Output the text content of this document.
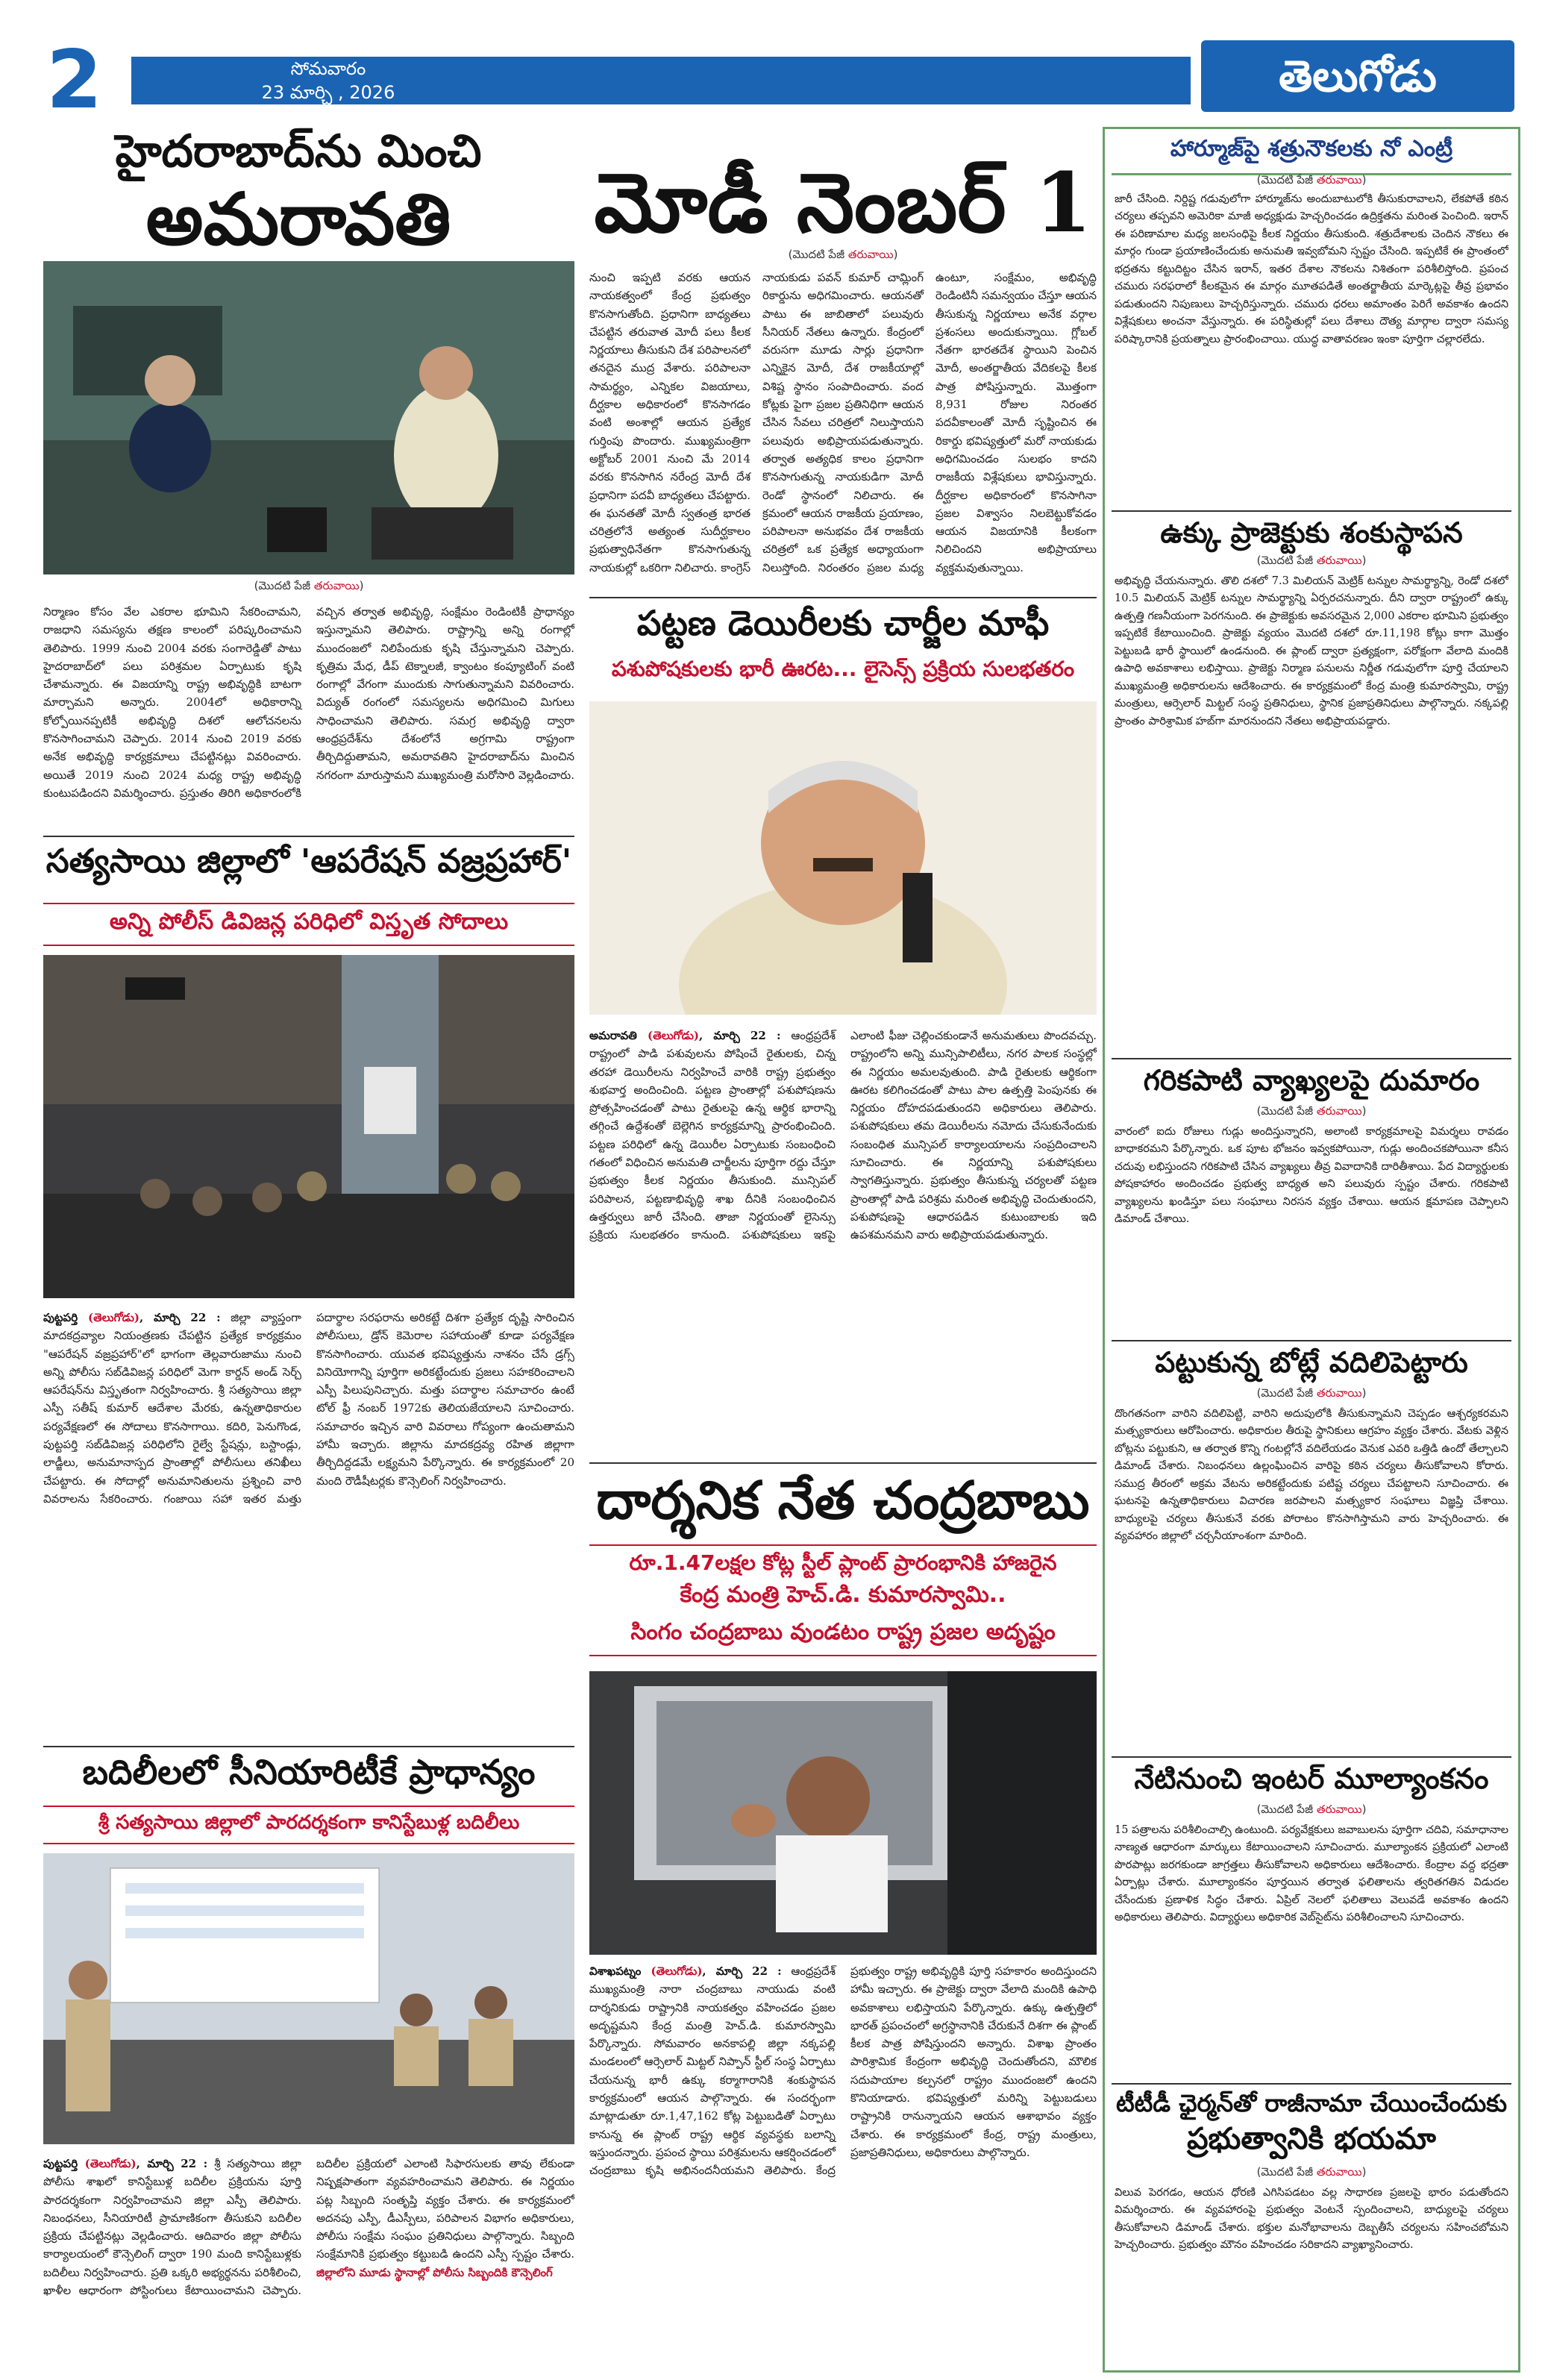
2	సోమవారం
23 మార్చి , 2026	తెలుగోడు
హైదరాబాద్‌ను మించి
అమరావతి
(మొదటి పేజీ తరువాయి)
నిర్మాణం కోసం వేల ఎకరాల భూమిని సేకరించామని, రాజధాని సమస్యను తక్షణ కాలంలో పరిష్కరించామని తెలిపారు. 1999 నుంచి 2004 వరకు సంగారెడ్డితో పాటు హైదరాబాద్‌లో పలు పరిశ్రమల ఏర్పాటుకు కృషి చేశామన్నారు. ఈ విజయాన్ని రాష్ట్ర అభివృద్ధికి బాటగా మార్చామని అన్నారు. 2004లో అధికారాన్ని కోల్పోయినప్పటికీ అభివృద్ధి దిశలో ఆలోచనలను కొనసాగించామని చెప్పారు. 2014 నుంచి 2019 వరకు అనేక అభివృద్ధి కార్యక్రమాలు చేపట్టినట్లు వివరించారు. అయితే 2019 నుంచి 2024 మధ్య రాష్ట్ర అభివృద్ధి కుంటుపడిందని విమర్శించారు. ప్రస్తుతం తిరిగి అధికారంలోకి వచ్చిన తర్వాత అభివృద్ధి, సంక్షేమం రెండింటికీ ప్రాధాన్యం ఇస్తున్నామని తెలిపారు. రాష్ట్రాన్ని అన్ని రంగాల్లో ముందంజలో నిలిపేందుకు కృషి చేస్తున్నామని చెప్పారు. కృత్రిమ మేధ, డీప్ టెక్నాలజీ, క్వాంటం కంప్యూటింగ్ వంటి రంగాల్లో వేగంగా ముందుకు సాగుతున్నామని వివరించారు. విద్యుత్ రంగంలో సమస్యలను అధిగమించి మిగులు సాధించామని తెలిపారు. సమగ్ర అభివృద్ధి ద్వారా ఆంధ్రప్రదేశ్‌ను దేశంలోనే అగ్రగామి రాష్ట్రంగా తీర్చిదిద్దుతామని, అమరావతిని హైదరాబాద్‌ను మించిన నగరంగా మారుస్తామని ముఖ్యమంత్రి మరోసారి వెల్లడించారు.
మోడీ నెంబర్ 1
(మొదటి పేజీ తరువాయి)
నుంచి ఇప్పటి వరకు ఆయన నాయకత్వంలో కేంద్ర ప్రభుత్వం కొనసాగుతోంది. ప్రధానిగా బాధ్యతలు చేపట్టిన తరువాత మోదీ పలు కీలక నిర్ణయాలు తీసుకుని దేశ పరిపాలనలో తనదైన ముద్ర వేశారు. పరిపాలనా సామర్థ్యం, ఎన్నికల విజయాలు, దీర్ఘకాల అధికారంలో కొనసాగడం వంటి అంశాల్లో ఆయన ప్రత్యేక గుర్తింపు పొందారు. ముఖ్యమంత్రిగా అక్టోబర్ 2001 నుంచి మే 2014 వరకు కొనసాగిన నరేంద్ర మోదీ దేశ ప్రధానిగా పదవీ బాధ్యతలు చేపట్టారు. ఈ ఘనతతో మోదీ స్వతంత్ర భారత చరిత్రలోనే అత్యంత సుదీర్ఘకాలం ప్రభుత్వాధినేతగా కొనసాగుతున్న నాయకుల్లో ఒకరిగా నిలిచారు. కాంగ్రెస్ నాయకుడు పవన్ కుమార్ చామ్లింగ్ రికార్డును అధిగమించారు. ఆయనతో పాటు ఈ జాబితాలో పలువురు సీనియర్ నేతలు ఉన్నారు. కేంద్రంలో వరుసగా మూడు సార్లు ప్రధానిగా ఎన్నికైన మోదీ, దేశ రాజకీయాల్లో విశిష్ట స్థానం సంపాదించారు. వంద కోట్లకు పైగా ప్రజల ప్రతినిధిగా ఆయన చేసిన సేవలు చరిత్రలో నిలుస్తాయని పలువురు అభిప్రాయపడుతున్నారు. తర్వాత అత్యధిక కాలం ప్రధానిగా కొనసాగుతున్న నాయకుడిగా మోదీ రెండో స్థానంలో నిలిచారు. ఈ క్రమంలో ఆయన రాజకీయ ప్రయాణం, పరిపాలనా అనుభవం దేశ రాజకీయ చరిత్రలో ఒక ప్రత్యేక అధ్యాయంగా నిలుస్తోంది. నిరంతరం ప్రజల మధ్య ఉంటూ, సంక్షేమం, అభివృద్ధి రెండింటినీ సమన్వయం చేస్తూ ఆయన తీసుకున్న నిర్ణయాలు అనేక వర్గాల ప్రశంసలు అందుకున్నాయి. గ్లోబల్ నేతగా భారతదేశ స్థాయిని పెంచిన మోదీ, అంతర్జాతీయ వేదికలపై కీలక పాత్ర పోషిస్తున్నారు. మొత్తంగా 8,931 రోజుల నిరంతర పదవీకాలంతో మోదీ సృష్టించిన ఈ రికార్డు భవిష్యత్తులో మరో నాయకుడు అధిగమించడం సులభం కాదని రాజకీయ విశ్లేషకులు భావిస్తున్నారు. దీర్ఘకాల అధికారంలో కొనసాగినా ప్రజల విశ్వాసం నిలబెట్టుకోవడం ఆయన విజయానికి కీలకంగా నిలిచిందని అభిప్రాయాలు వ్యక్తమవుతున్నాయి.
పట్టణ డెయిరీలకు చార్జీల మాఫీ
పశుపోషకులకు భారీ ఊరట... లైసెన్స్ ప్రక్రియ సులభతరం
అమరావతి (తెలుగోడు), మార్చి 22 : ఆంధ్రప్రదేశ్ రాష్ట్రంలో పాడి పశువులను పోషించే రైతులకు, చిన్న తరహా డెయిరీలను నిర్వహించే వారికి రాష్ట్ర ప్రభుత్వం శుభవార్త అందించింది. పట్టణ ప్రాంతాల్లో పశుపోషణను ప్రోత్సహించడంతో పాటు రైతులపై ఉన్న ఆర్థిక భారాన్ని తగ్గించే ఉద్దేశంతో బెల్లెగిన కార్యక్రమాన్ని ప్రారంభించింది. పట్టణ పరిధిలో ఉన్న డెయిరీల ఏర్పాటుకు సంబంధించి గతంలో విధించిన అనుమతి చార్జీలను పూర్తిగా రద్దు చేస్తూ ప్రభుత్వం కీలక నిర్ణయం తీసుకుంది. మున్సిపల్ పరిపాలన, పట్టణాభివృద్ధి శాఖ దీనికి సంబంధించిన ఉత్తర్వులు జారీ చేసింది. తాజా నిర్ణయంతో లైసెన్సు ప్రక్రియ సులభతరం కానుంది. పశుపోషకులు ఇకపై ఎలాంటి ఫీజు చెల్లించకుండానే అనుమతులు పొందవచ్చు. రాష్ట్రంలోని అన్ని మున్సిపాలిటీలు, నగర పాలక సంస్థల్లో ఈ నిర్ణయం అమలవుతుంది. పాడి రైతులకు ఆర్థికంగా ఊరట కలిగించడంతో పాటు పాల ఉత్పత్తి పెంపునకు ఈ నిర్ణయం దోహదపడుతుందని అధికారులు తెలిపారు. పశుపోషకులు తమ డెయిరీలను నమోదు చేసుకునేందుకు సంబంధిత మున్సిపల్ కార్యాలయాలను సంప్రదించాలని సూచించారు. ఈ నిర్ణయాన్ని పశుపోషకులు స్వాగతిస్తున్నారు. ప్రభుత్వం తీసుకున్న చర్యలతో పట్టణ ప్రాంతాల్లో పాడి పరిశ్రమ మరింత అభివృద్ధి చెందుతుందని, పశుపోషణపై ఆధారపడిన కుటుంబాలకు ఇది ఉపశమనమని వారు అభిప్రాయపడుతున్నారు.
సత్యసాయి జిల్లాలో 'ఆపరేషన్ వజ్రప్రహార్'
అన్ని పోలీస్ డివిజన్ల పరిధిలో విస్తృత సోదాలు
పుట్టపర్తి (తెలుగోడు), మార్చి 22 : జిల్లా వ్యాప్తంగా మాదకద్రవ్యాల నియంత్రణకు చేపట్టిన ప్రత్యేక కార్యక్రమం "ఆపరేషన్ వజ్రప్రహార్"లో భాగంగా తెల్లవారుజాము నుంచి అన్ని పోలీసు సబ్‌డివిజన్ల పరిధిలో మెగా కార్డన్ అండ్ సెర్చ్ ఆపరేషన్‌ను విస్తృతంగా నిర్వహించారు. శ్రీ సత్యసాయి జిల్లా ఎస్పీ సతీష్ కుమార్ ఆదేశాల మేరకు, ఉన్నతాధికారుల పర్యవేక్షణలో ఈ సోదాలు కొనసాగాయి. కదిరి, పెనుగొండ, పుట్టపర్తి సబ్‌డివిజన్ల పరిధిలోని రైల్వే స్టేషన్లు, బస్టాండ్లు, లాడ్జీలు, అనుమానాస్పద ప్రాంతాల్లో పోలీసులు తనిఖీలు చేపట్టారు. ఈ సోదాల్లో అనుమానితులను ప్రశ్నించి వారి వివరాలను సేకరించారు. గంజాయి సహా ఇతర మత్తు పదార్థాల సరఫరాను అరికట్టే దిశగా ప్రత్యేక దృష్టి సారించిన పోలీసులు, డ్రోన్ కెమెరాల సహాయంతో కూడా పర్యవేక్షణ కొనసాగించారు. యువత భవిష్యత్తును నాశనం చేసే డ్రగ్స్ వినియోగాన్ని పూర్తిగా అరికట్టేందుకు ప్రజలు సహకరించాలని ఎస్పీ పిలుపునిచ్చారు. మత్తు పదార్థాల సమాచారం ఉంటే టోల్ ఫ్రీ నంబర్ 1972కు తెలియజేయాలని సూచించారు. సమాచారం ఇచ్చిన వారి వివరాలు గోప్యంగా ఉంచుతామని హామీ ఇచ్చారు. జిల్లాను మాదకద్రవ్య రహిత జిల్లాగా తీర్చిదిద్దడమే లక్ష్యమని పేర్కొన్నారు. ఈ కార్యక్రమంలో 20 మంది రౌడీషీటర్లకు కౌన్సెలింగ్ నిర్వహించారు.
బదిలీలలో సీనియారిటీకే ప్రాధాన్యం
శ్రీ సత్యసాయి జిల్లాలో పారదర్శకంగా కానిస్టేబుళ్ల బదిలీలు
పుట్టపర్తి (తెలుగోడు), మార్చి 22 : శ్రీ సత్యసాయి జిల్లా పోలీసు శాఖలో కానిస్టేబుళ్ల బదిలీల ప్రక్రియను పూర్తి పారదర్శకంగా నిర్వహించామని జిల్లా ఎస్పీ తెలిపారు. నిబంధనలు, సీనియారిటీ ప్రామాణికంగా తీసుకుని బదిలీల ప్రక్రియ చేపట్టినట్లు వెల్లడించారు. ఆదివారం జిల్లా పోలీసు కార్యాలయంలో కౌన్సెలింగ్ ద్వారా 190 మంది కానిస్టేబుళ్లకు బదిలీలు నిర్వహించారు. ప్రతి ఒక్కరి అభ్యర్థనను పరిశీలించి, ఖాళీల ఆధారంగా పోస్టింగులు కేటాయించామని చెప్పారు. బదిలీల ప్రక్రియలో ఎలాంటి సిఫారసులకు తావు లేకుండా నిష్పక్షపాతంగా వ్యవహరించామని తెలిపారు. ఈ నిర్ణయం పట్ల సిబ్బంది సంతృప్తి వ్యక్తం చేశారు. ఈ కార్యక్రమంలో అదనపు ఎస్పీ, డీఎస్పీలు, పరిపాలన విభాగం అధికారులు, పోలీసు సంక్షేమ సంఘం ప్రతినిధులు పాల్గొన్నారు. సిబ్బంది సంక్షేమానికి ప్రభుత్వం కట్టుబడి ఉందని ఎస్పీ స్పష్టం చేశారు. జిల్లాలోని మూడు స్థానాల్లో పోలీసు సిబ్బందికి కౌన్సెలింగ్
దార్శనిక నేత చంద్రబాబు
రూ.1.47లక్షల కోట్ల స్టీల్ ప్లాంట్ ప్రారంభానికి హాజరైన
కేంద్ర మంత్రి హెచ్.డి. కుమారస్వామి..
సింగం చంద్రబాబు వుండటం రాష్ట్ర ప్రజల అదృష్టం
విశాఖపట్నం (తెలుగోడు), మార్చి 22 : ఆంధ్రప్రదేశ్ ముఖ్యమంత్రి నారా చంద్రబాబు నాయుడు వంటి దార్శనికుడు రాష్ట్రానికి నాయకత్వం వహించడం ప్రజల అదృష్టమని కేంద్ర మంత్రి హెచ్.డి. కుమారస్వామి పేర్కొన్నారు. సోమవారం అనకాపల్లి జిల్లా నక్కపల్లి మండలంలో ఆర్సెలార్ మిట్టల్ నిప్పాన్ స్టీల్ సంస్థ ఏర్పాటు చేయనున్న భారీ ఉక్కు కర్మాగారానికి శంకుస్థాపన కార్యక్రమంలో ఆయన పాల్గొన్నారు. ఈ సందర్భంగా మాట్లాడుతూ రూ.1,47,162 కోట్ల పెట్టుబడితో ఏర్పాటు కానున్న ఈ ప్లాంట్ రాష్ట్ర ఆర్థిక వ్యవస్థకు బలాన్ని ఇస్తుందన్నారు. ప్రపంచ స్థాయి పరిశ్రమలను ఆకర్షించడంలో చంద్రబాబు కృషి అభినందనీయమని తెలిపారు. కేంద్ర ప్రభుత్వం రాష్ట్ర అభివృద్ధికి పూర్తి సహకారం అందిస్తుందని హామీ ఇచ్చారు. ఈ ప్రాజెక్టు ద్వారా వేలాది మందికి ఉపాధి అవకాశాలు లభిస్తాయని పేర్కొన్నారు. ఉక్కు ఉత్పత్తిలో భారత్ ప్రపంచంలో అగ్రస్థానానికి చేరుకునే దిశగా ఈ ప్లాంట్ కీలక పాత్ర పోషిస్తుందని అన్నారు. విశాఖ ప్రాంతం పారిశ్రామిక కేంద్రంగా అభివృద్ధి చెందుతోందని, మౌలిక సదుపాయాల కల్పనలో రాష్ట్రం ముందంజలో ఉందని కొనియాడారు. భవిష్యత్తులో మరిన్ని పెట్టుబడులు రాష్ట్రానికి రానున్నాయని ఆయన ఆశాభావం వ్యక్తం చేశారు. ఈ కార్యక్రమంలో కేంద్ర, రాష్ట్ర మంత్రులు, ప్రజాప్రతినిధులు, అధికారులు పాల్గొన్నారు.
హార్మూజ్‌పై శత్రునౌకలకు నో ఎంట్రీ
(మొదటి పేజీ తరువాయి)
జారీ చేసింది. నిర్దిష్ట గడువులోగా హార్మూజ్‌ను అందుబాటులోకి తీసుకురావాలని, లేకపోతే కఠిన చర్యలు తప్పవని అమెరికా మాజీ అధ్యక్షుడు హెచ్చరించడం ఉద్రిక్తతను మరింత పెంచింది. ఇరాన్ ఈ పరిణామాల మధ్య జలసంధిపై కీలక నిర్ణయం తీసుకుంది. శత్రుదేశాలకు చెందిన నౌకలు ఈ మార్గం గుండా ప్రయాణించేందుకు అనుమతి ఇవ్వబోమని స్పష్టం చేసింది. ఇప్పటికే ఈ ప్రాంతంలో భద్రతను కట్టుదిట్టం చేసిన ఇరాన్, ఇతర దేశాల నౌకలను నిశితంగా పరిశీలిస్తోంది. ప్రపంచ చమురు సరఫరాలో కీలకమైన ఈ మార్గం మూతపడితే అంతర్జాతీయ మార్కెట్లపై తీవ్ర ప్రభావం పడుతుందని నిపుణులు హెచ్చరిస్తున్నారు. చమురు ధరలు అమాంతం పెరిగే అవకాశం ఉందని విశ్లేషకులు అంచనా వేస్తున్నారు. ఈ పరిస్థితుల్లో పలు దేశాలు దౌత్య మార్గాల ద్వారా సమస్య పరిష్కారానికి ప్రయత్నాలు ప్రారంభించాయి. యుద్ధ వాతావరణం ఇంకా పూర్తిగా చల్లారలేదు.
ఉక్కు ప్రాజెక్టుకు శంకుస్థాపన
(మొదటి పేజీ తరువాయి)
అభివృద్ధి చేయనున్నారు. తొలి దశలో 7.3 మిలియన్ మెట్రిక్ టన్నుల సామర్థ్యాన్ని, రెండో దశలో 10.5 మిలియన్ మెట్రిక్ టన్నుల సామర్థ్యాన్ని ఏర్పరచనున్నారు. దీని ద్వారా రాష్ట్రంలో ఉక్కు ఉత్పత్తి గణనీయంగా పెరగనుంది. ఈ ప్రాజెక్టుకు అవసరమైన 2,000 ఎకరాల భూమిని ప్రభుత్వం ఇప్పటికే కేటాయించింది. ప్రాజెక్టు వ్యయం మొదటి దశలో రూ.11,198 కోట్లు కాగా మొత్తం పెట్టుబడి భారీ స్థాయిలో ఉండనుంది. ఈ ప్లాంట్ ద్వారా ప్రత్యక్షంగా, పరోక్షంగా వేలాది మందికి ఉపాధి అవకాశాలు లభిస్తాయి. ప్రాజెక్టు నిర్మాణ పనులను నిర్ణీత గడువులోగా పూర్తి చేయాలని ముఖ్యమంత్రి అధికారులను ఆదేశించారు. ఈ కార్యక్రమంలో కేంద్ర మంత్రి కుమారస్వామి, రాష్ట్ర మంత్రులు, ఆర్సెలార్ మిట్టల్ సంస్థ ప్రతినిధులు, స్థానిక ప్రజాప్రతినిధులు పాల్గొన్నారు. నక్కపల్లి ప్రాంతం పారిశ్రామిక హబ్‌గా మారనుందని నేతలు అభిప్రాయపడ్డారు.
గరికపాటి వ్యాఖ్యలపై దుమారం
(మొదటి పేజీ తరువాయి)
వారంలో ఐదు రోజులు గుడ్లు అందిస్తున్నారని, అలాంటి కార్యక్రమాలపై విమర్శలు రావడం బాధాకరమని పేర్కొన్నారు. ఒక పూట భోజనం ఇవ్వకపోయినా, గుడ్లు అందించకపోయినా కనీస చదువు లభిస్తుందని గరికపాటి చేసిన వ్యాఖ్యలు తీవ్ర వివాదానికి దారితీశాయి. పేద విద్యార్థులకు పోషకాహారం అందించడం ప్రభుత్వ బాధ్యత అని పలువురు స్పష్టం చేశారు. గరికపాటి వ్యాఖ్యలను ఖండిస్తూ పలు సంఘాలు నిరసన వ్యక్తం చేశాయి. ఆయన క్షమాపణ చెప్పాలని డిమాండ్ చేశాయి.
పట్టుకున్న బోట్లే వదిలిపెట్టారు
(మొదటి పేజీ తరువాయి)
దొంగతనంగా వారిని వదిలిపెట్టి, వారిని అదుపులోకి తీసుకున్నామని చెప్పడం ఆశ్చర్యకరమని మత్స్యకారులు ఆరోపించారు. అధికారుల తీరుపై స్థానికులు ఆగ్రహం వ్యక్తం చేశారు. వేటకు వెళ్లిన బోట్లను పట్టుకుని, ఆ తర్వాత కొన్ని గంటల్లోనే వదిలేయడం వెనుక ఎవరి ఒత్తిడి ఉందో తేల్చాలని డిమాండ్ చేశారు. నిబంధనలు ఉల్లంఘించిన వారిపై కఠిన చర్యలు తీసుకోవాలని కోరారు. సముద్ర తీరంలో అక్రమ వేటను అరికట్టేందుకు పటిష్ట చర్యలు చేపట్టాలని సూచించారు. ఈ ఘటనపై ఉన్నతాధికారులు విచారణ జరపాలని మత్స్యకార సంఘాలు విజ్ఞప్తి చేశాయి. బాధ్యులపై చర్యలు తీసుకునే వరకు పోరాటం కొనసాగిస్తామని వారు హెచ్చరించారు. ఈ వ్యవహారం జిల్లాలో చర్చనీయాంశంగా మారింది.
నేటినుంచి ఇంటర్ మూల్యాంకనం
(మొదటి పేజీ తరువాయి)
15 పత్రాలను పరిశీలించాల్సి ఉంటుంది. పర్యవేక్షకులు జవాబులను పూర్తిగా చదివి, సమాధానాల నాణ్యత ఆధారంగా మార్కులు కేటాయించాలని సూచించారు. మూల్యాంకన ప్రక్రియలో ఎలాంటి పొరపాట్లు జరగకుండా జాగ్రత్తలు తీసుకోవాలని అధికారులు ఆదేశించారు. కేంద్రాల వద్ద భద్రతా ఏర్పాట్లు చేశారు. మూల్యాంకనం పూర్తయిన తర్వాత ఫలితాలను త్వరితగతిన విడుదల చేసేందుకు ప్రణాళిక సిద్ధం చేశారు. ఏప్రిల్ నెలలో ఫలితాలు వెలువడే అవకాశం ఉందని అధికారులు తెలిపారు. విద్యార్థులు అధికారిక వెబ్‌సైట్‌ను పరిశీలించాలని సూచించారు.
టీటీడీ ఛైర్మన్‌తో రాజీనామా చేయించేందుకు
ప్రభుత్వానికి భయమా
(మొదటి పేజీ తరువాయి)
విలువ పెరగడం, ఆయన ధోరణి ఎగిసిపడటం వల్ల సాధారణ ప్రజలపై భారం పడుతోందని విమర్శించారు. ఈ వ్యవహారంపై ప్రభుత్వం వెంటనే స్పందించాలని, బాధ్యులపై చర్యలు తీసుకోవాలని డిమాండ్ చేశారు. భక్తుల మనోభావాలను దెబ్బతీసే చర్యలను సహించబోమని హెచ్చరించారు. ప్రభుత్వం మౌనం వహించడం సరికాదని వ్యాఖ్యానించారు.
